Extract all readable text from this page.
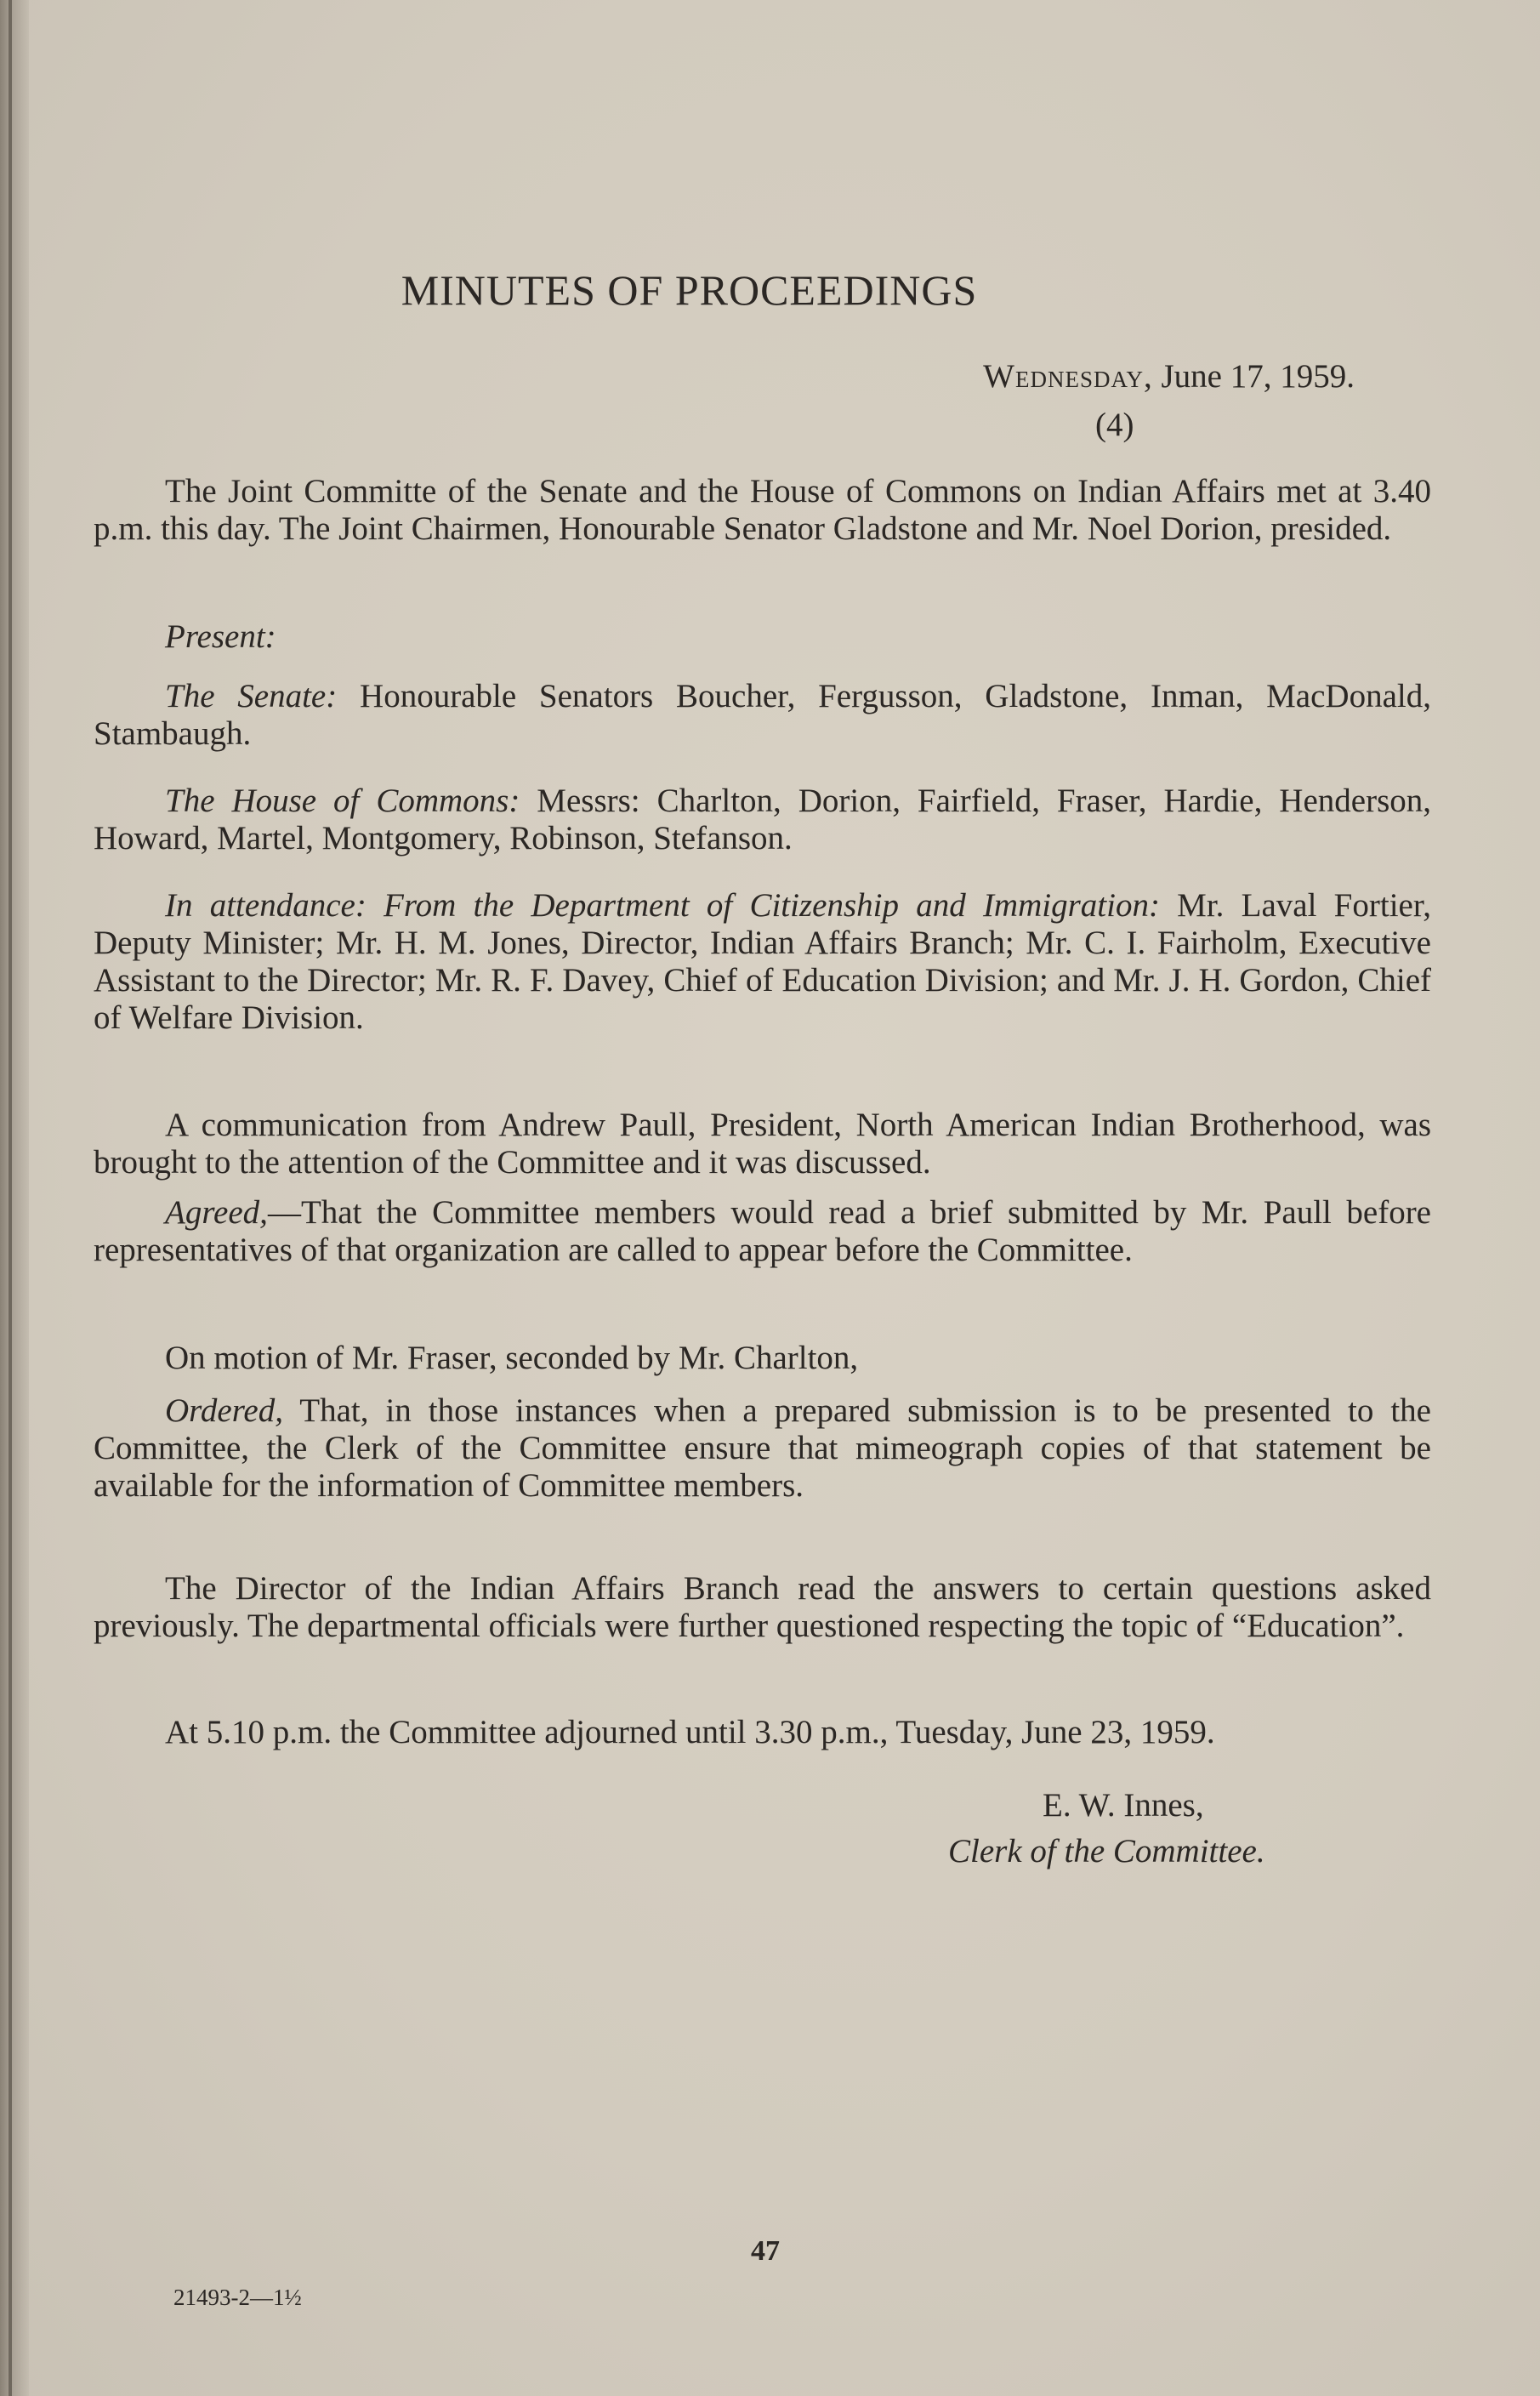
MINUTES OF PROCEEDINGS
Wednesday, June 17, 1959.
(4)
The Joint Committe of the Senate and the House of Commons on Indian Affairs met at 3.40 p.m. this day. The Joint Chairmen, Honourable Senator Gladstone and Mr. Noel Dorion, presided.
Present:
The Senate: Honourable Senators Boucher, Fergusson, Gladstone, Inman, MacDonald, Stambaugh.
The House of Commons: Messrs: Charlton, Dorion, Fairfield, Fraser, Hardie, Henderson, Howard, Martel, Montgomery, Robinson, Stefanson.
In attendance: From the Department of Citizenship and Immigration: Mr. Laval Fortier, Deputy Minister; Mr. H. M. Jones, Director, Indian Affairs Branch; Mr. C. I. Fairholm, Executive Assistant to the Director; Mr. R. F. Davey, Chief of Education Division; and Mr. J. H. Gordon, Chief of Welfare Division.
A communication from Andrew Paull, President, North American Indian Brotherhood, was brought to the attention of the Committee and it was discussed.
Agreed,—That the Committee members would read a brief submitted by Mr. Paull before representatives of that organization are called to appear before the Committee.
On motion of Mr. Fraser, seconded by Mr. Charlton,
Ordered, That, in those instances when a prepared submission is to be presented to the Committee, the Clerk of the Committee ensure that mimeograph copies of that statement be available for the information of Committee members.
The Director of the Indian Affairs Branch read the answers to certain questions asked previously. The departmental officials were further questioned respecting the topic of “Education”.
At 5.10 p.m. the Committee adjourned until 3.30 p.m., Tuesday, June 23, 1959.
E. W. Innes,
Clerk of the Committee.
47
21493-2—1½
